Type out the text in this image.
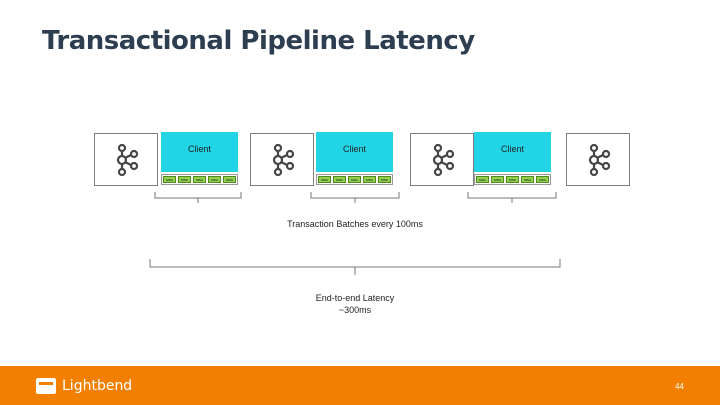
Transactional Pipeline Latency
Client	Client	Client
MSG	MSG	MSG	MSG	MSG	MSG	MSG	MSG	MSG	MSG	MSG	MSG	MSG	MSG	MSG
Transaction Batches every 100ms
End-to-end Latency
~300ms
Lightbend	44
